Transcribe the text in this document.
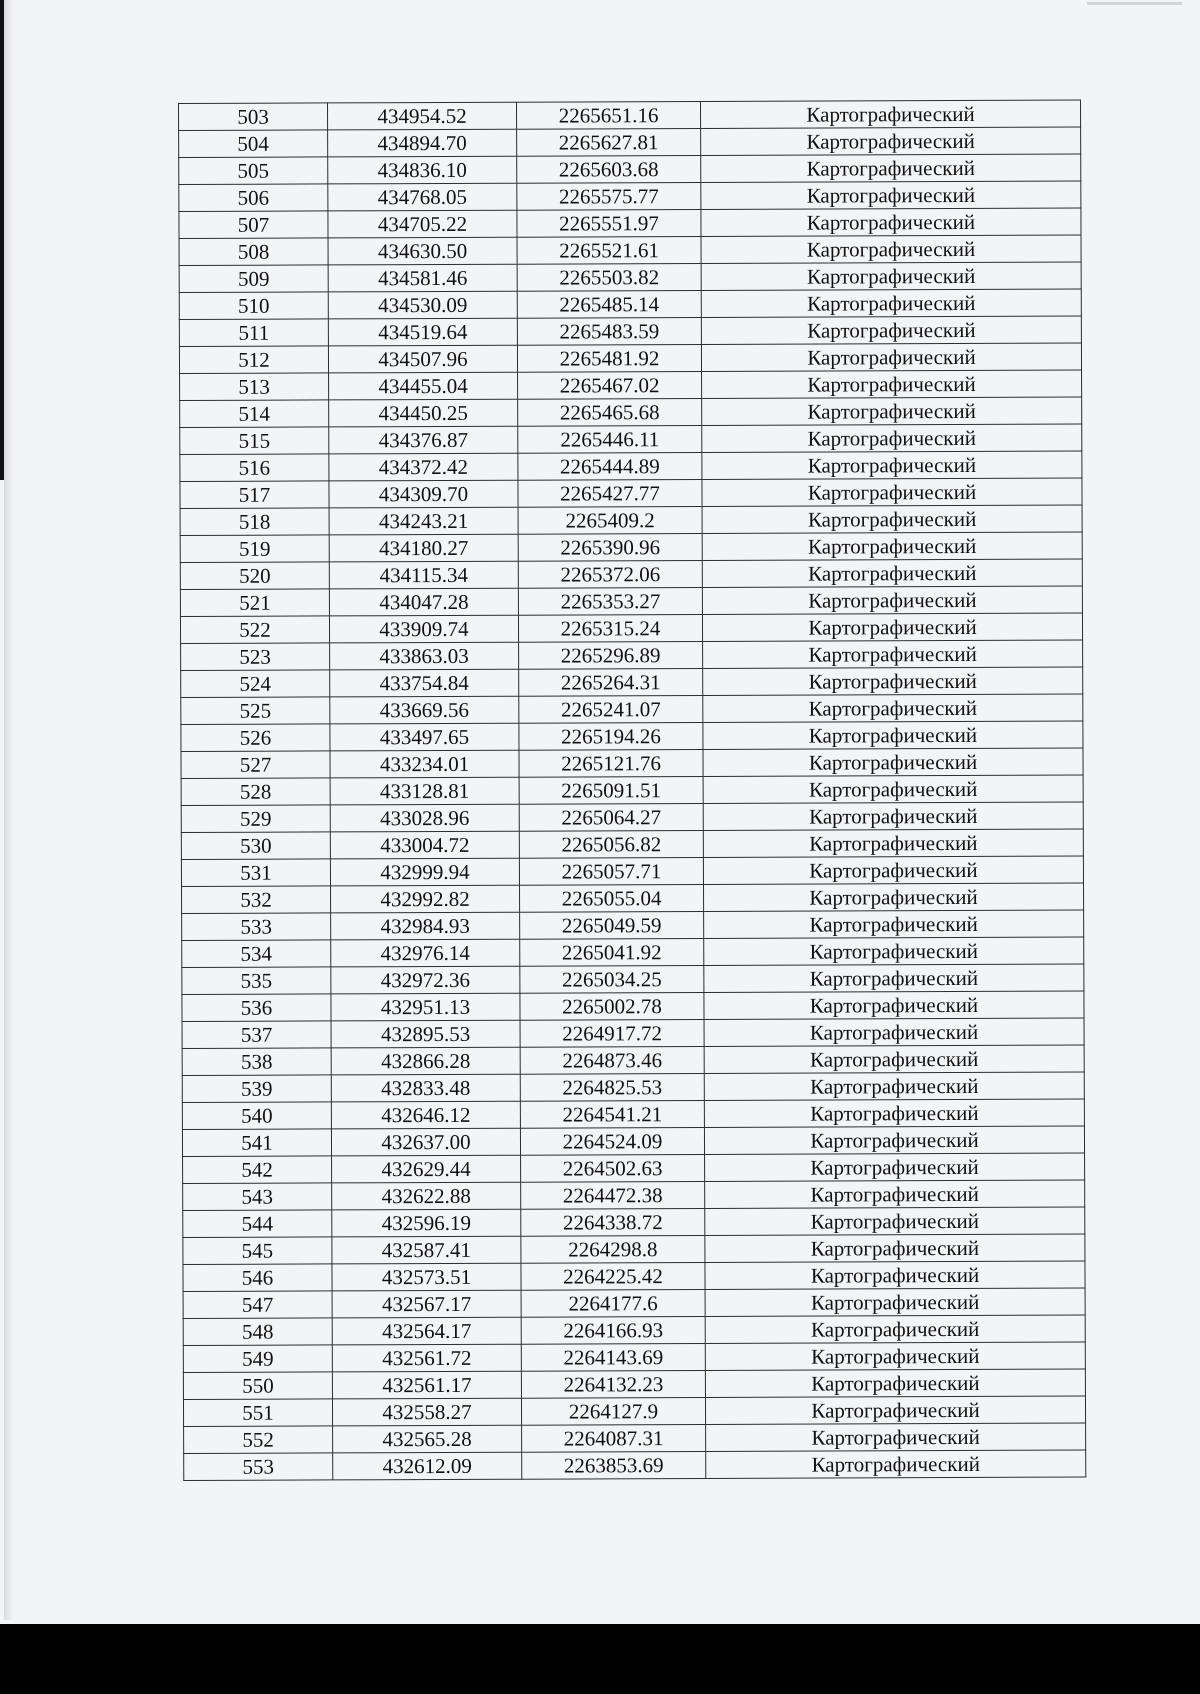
503	434954.52	2265651.16	Картографический
504	434894.70	2265627.81	Картографический
505	434836.10	2265603.68	Картографический
506	434768.05	2265575.77	Картографический
507	434705.22	2265551.97	Картографический
508	434630.50	2265521.61	Картографический
509	434581.46	2265503.82	Картографический
510	434530.09	2265485.14	Картографический
511	434519.64	2265483.59	Картографический
512	434507.96	2265481.92	Картографический
513	434455.04	2265467.02	Картографический
514	434450.25	2265465.68	Картографический
515	434376.87	2265446.11	Картографический
516	434372.42	2265444.89	Картографический
517	434309.70	2265427.77	Картографический
518	434243.21	2265409.2	Картографический
519	434180.27	2265390.96	Картографический
520	434115.34	2265372.06	Картографический
521	434047.28	2265353.27	Картографический
522	433909.74	2265315.24	Картографический
523	433863.03	2265296.89	Картографический
524	433754.84	2265264.31	Картографический
525	433669.56	2265241.07	Картографический
526	433497.65	2265194.26	Картографический
527	433234.01	2265121.76	Картографический
528	433128.81	2265091.51	Картографический
529	433028.96	2265064.27	Картографический
530	433004.72	2265056.82	Картографический
531	432999.94	2265057.71	Картографический
532	432992.82	2265055.04	Картографический
533	432984.93	2265049.59	Картографический
534	432976.14	2265041.92	Картографический
535	432972.36	2265034.25	Картографический
536	432951.13	2265002.78	Картографический
537	432895.53	2264917.72	Картографический
538	432866.28	2264873.46	Картографический
539	432833.48	2264825.53	Картографический
540	432646.12	2264541.21	Картографический
541	432637.00	2264524.09	Картографический
542	432629.44	2264502.63	Картографический
543	432622.88	2264472.38	Картографический
544	432596.19	2264338.72	Картографический
545	432587.41	2264298.8	Картографический
546	432573.51	2264225.42	Картографический
547	432567.17	2264177.6	Картографический
548	432564.17	2264166.93	Картографический
549	432561.72	2264143.69	Картографический
550	432561.17	2264132.23	Картографический
551	432558.27	2264127.9	Картографический
552	432565.28	2264087.31	Картографический
553	432612.09	2263853.69	Картографический
